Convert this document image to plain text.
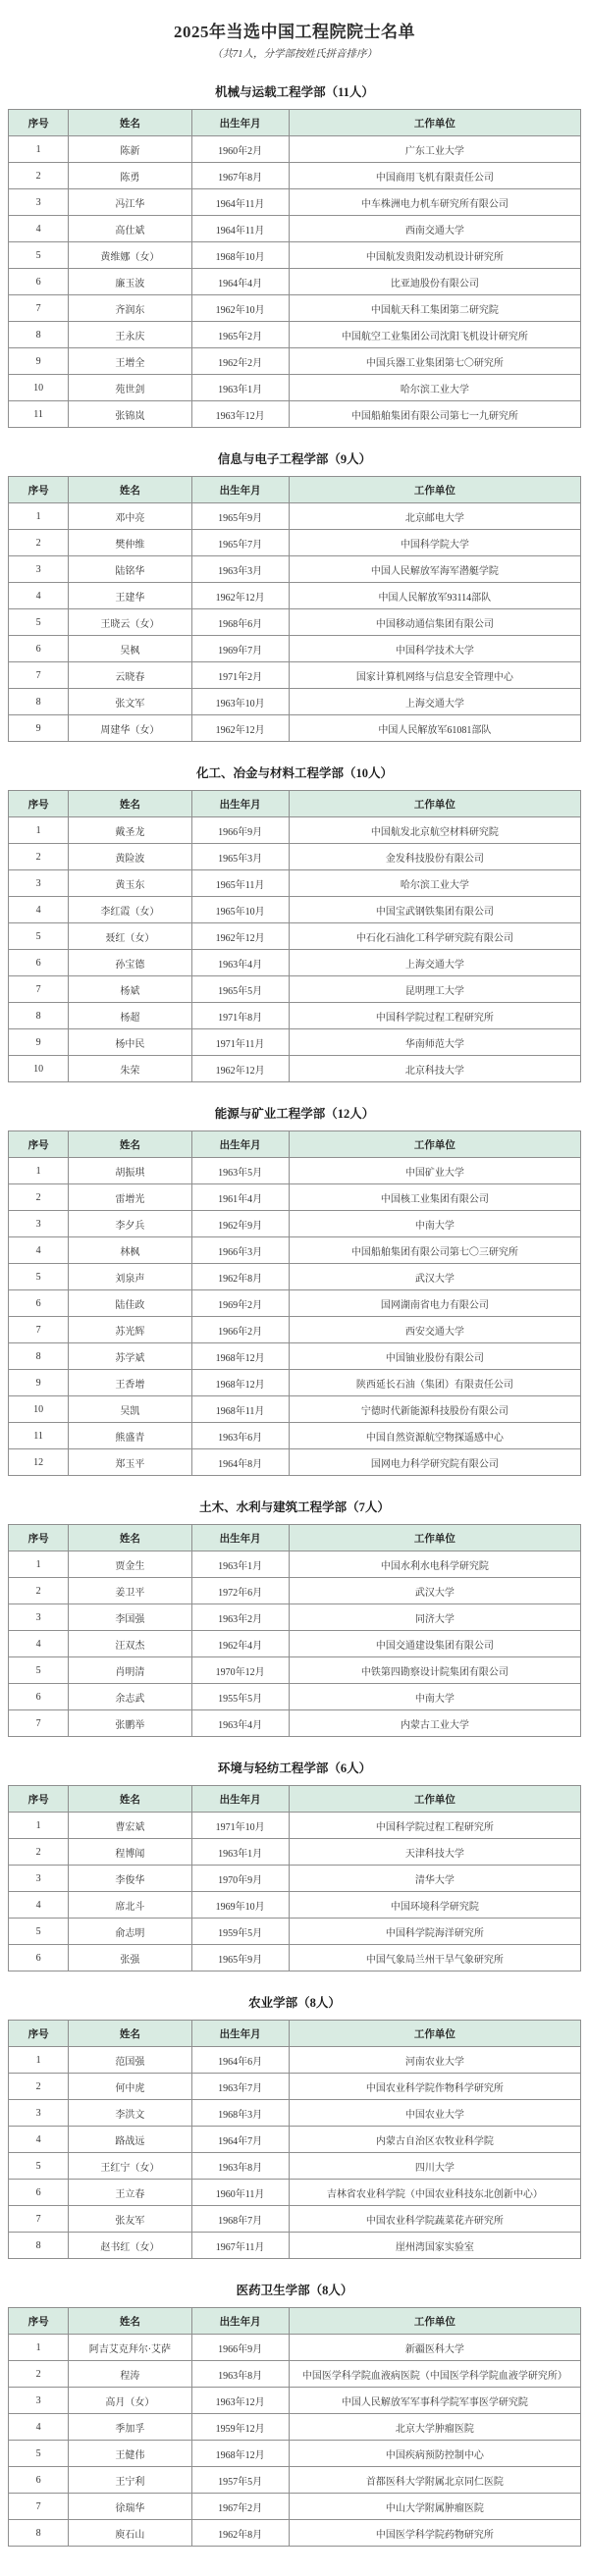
2025年当选中国工程院院士名单
（共71人，分学部按姓氏拼音排序）
机械与运载工程学部（11人）
序号	姓名	出生年月	工作单位
1	陈新	1960年2月	广东工业大学
2	陈勇	1967年8月	中国商用飞机有限责任公司
3	冯江华	1964年11月	中车株洲电力机车研究所有限公司
4	高仕斌	1964年11月	西南交通大学
5	黄维娜（女）	1968年10月	中国航发贵阳发动机设计研究所
6	廉玉波	1964年4月	比亚迪股份有限公司
7	齐润东	1962年10月	中国航天科工集团第二研究院
8	王永庆	1965年2月	中国航空工业集团公司沈阳飞机设计研究所
9	王增全	1962年2月	中国兵器工业集团第七〇研究所
10	苑世剑	1963年1月	哈尔滨工业大学
11	张锦岚	1963年12月	中国船舶集团有限公司第七一九研究所
信息与电子工程学部（9人）
序号	姓名	出生年月	工作单位
1	邓中亮	1965年9月	北京邮电大学
2	樊仲维	1965年7月	中国科学院大学
3	陆铭华	1963年3月	中国人民解放军海军潜艇学院
4	王建华	1962年12月	中国人民解放军93114部队
5	王晓云（女）	1968年6月	中国移动通信集团有限公司
6	吴枫	1969年7月	中国科学技术大学
7	云晓春	1971年2月	国家计算机网络与信息安全管理中心
8	张文军	1963年10月	上海交通大学
9	周建华（女）	1962年12月	中国人民解放军61081部队
化工、冶金与材料工程学部（10人）
序号	姓名	出生年月	工作单位
1	戴圣龙	1966年9月	中国航发北京航空材料研究院
2	黄险波	1965年3月	金发科技股份有限公司
3	黄玉东	1965年11月	哈尔滨工业大学
4	李红霞（女）	1965年10月	中国宝武钢铁集团有限公司
5	聂红（女）	1962年12月	中石化石油化工科学研究院有限公司
6	孙宝德	1963年4月	上海交通大学
7	杨斌	1965年5月	昆明理工大学
8	杨超	1971年8月	中国科学院过程工程研究所
9	杨中民	1971年11月	华南师范大学
10	朱荣	1962年12月	北京科技大学
能源与矿业工程学部（12人）
序号	姓名	出生年月	工作单位
1	胡振琪	1963年5月	中国矿业大学
2	雷增光	1961年4月	中国核工业集团有限公司
3	李夕兵	1962年9月	中南大学
4	林枫	1966年3月	中国船舶集团有限公司第七〇三研究所
5	刘泉声	1962年8月	武汉大学
6	陆佳政	1969年2月	国网湖南省电力有限公司
7	苏光辉	1966年2月	西安交通大学
8	苏学斌	1968年12月	中国铀业股份有限公司
9	王香增	1968年12月	陕西延长石油（集团）有限责任公司
10	吴凯	1968年11月	宁德时代新能源科技股份有限公司
11	熊盛青	1963年6月	中国自然资源航空物探遥感中心
12	郑玉平	1964年8月	国网电力科学研究院有限公司
土木、水利与建筑工程学部（7人）
序号	姓名	出生年月	工作单位
1	贾金生	1963年1月	中国水利水电科学研究院
2	姜卫平	1972年6月	武汉大学
3	李国强	1963年2月	同济大学
4	汪双杰	1962年4月	中国交通建设集团有限公司
5	肖明清	1970年12月	中铁第四勘察设计院集团有限公司
6	余志武	1955年5月	中南大学
7	张鹏举	1963年4月	内蒙古工业大学
环境与轻纺工程学部（6人）
序号	姓名	出生年月	工作单位
1	曹宏斌	1971年10月	中国科学院过程工程研究所
2	程博闻	1963年1月	天津科技大学
3	李俊华	1970年9月	清华大学
4	席北斗	1969年10月	中国环境科学研究院
5	俞志明	1959年5月	中国科学院海洋研究所
6	张强	1965年9月	中国气象局兰州干旱气象研究所
农业学部（8人）
序号	姓名	出生年月	工作单位
1	范国强	1964年6月	河南农业大学
2	何中虎	1963年7月	中国农业科学院作物科学研究所
3	李洪文	1968年3月	中国农业大学
4	路战远	1964年7月	内蒙古自治区农牧业科学院
5	王红宁（女）	1963年8月	四川大学
6	王立春	1960年11月	吉林省农业科学院（中国农业科技东北创新中心）
7	张友军	1968年7月	中国农业科学院蔬菜花卉研究所
8	赵书红（女）	1967年11月	崖州湾国家实验室
医药卫生学部（8人）
序号	姓名	出生年月	工作单位
1	阿吉艾克拜尔·艾萨	1966年9月	新疆医科大学
2	程涛	1963年8月	中国医学科学院血液病医院（中国医学科学院血液学研究所）
3	高月（女）	1963年12月	中国人民解放军军事科学院军事医学研究院
4	季加孚	1959年12月	北京大学肿瘤医院
5	王健伟	1968年12月	中国疾病预防控制中心
6	王宁利	1957年5月	首都医科大学附属北京同仁医院
7	徐瑞华	1967年2月	中山大学附属肿瘤医院
8	庾石山	1962年8月	中国医学科学院药物研究所
